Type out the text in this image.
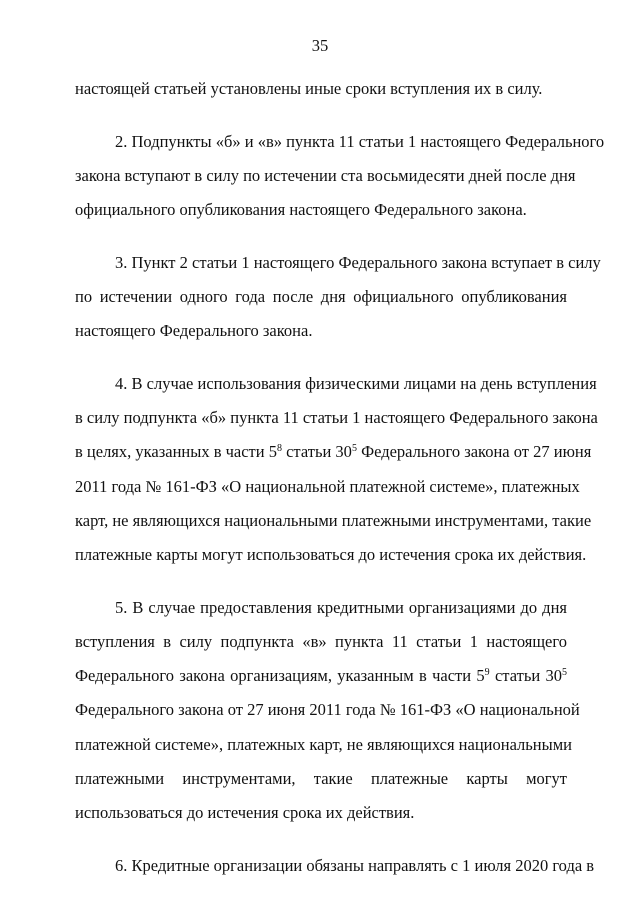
35
настоящей статьей установлены иные сроки вступления их в силу.
2. Подпункты «б» и «в» пункта 11 статьи 1 настоящего Федерального
закона вступают в силу по истечении ста восьмидесяти дней после дня
официального опубликования настоящего Федерального закона.
3. Пункт 2 статьи 1 настоящего Федерального закона вступает в силу
по истечении одного года после дня официального опубликования
настоящего Федерального закона.
4. В случае использования физическими лицами на день вступления
в силу подпункта «б» пункта 11 статьи 1 настоящего Федерального закона
в целях, указанных в части $5^8$ статьи $30^5$ Федерального закона от 27 июня
2011 года № 161-ФЗ «О национальной платежной системе», платежных
карт, не являющихся национальными платежными инструментами, такие
платежные карты могут использоваться до истечения срока их действия.
5. В случае предоставления кредитными организациями до дня
вступления в силу подпункта «в» пункта 11 статьи 1 настоящего
Федерального закона организациям, указанным в части $5^9$ статьи $30^5$
Федерального закона от 27 июня 2011 года № 161-ФЗ «О национальной
платежной системе», платежных карт, не являющихся национальными
платежными инструментами, такие платежные карты могут
использоваться до истечения срока их действия.
6. Кредитные организации обязаны направлять с 1 июля 2020 года в
